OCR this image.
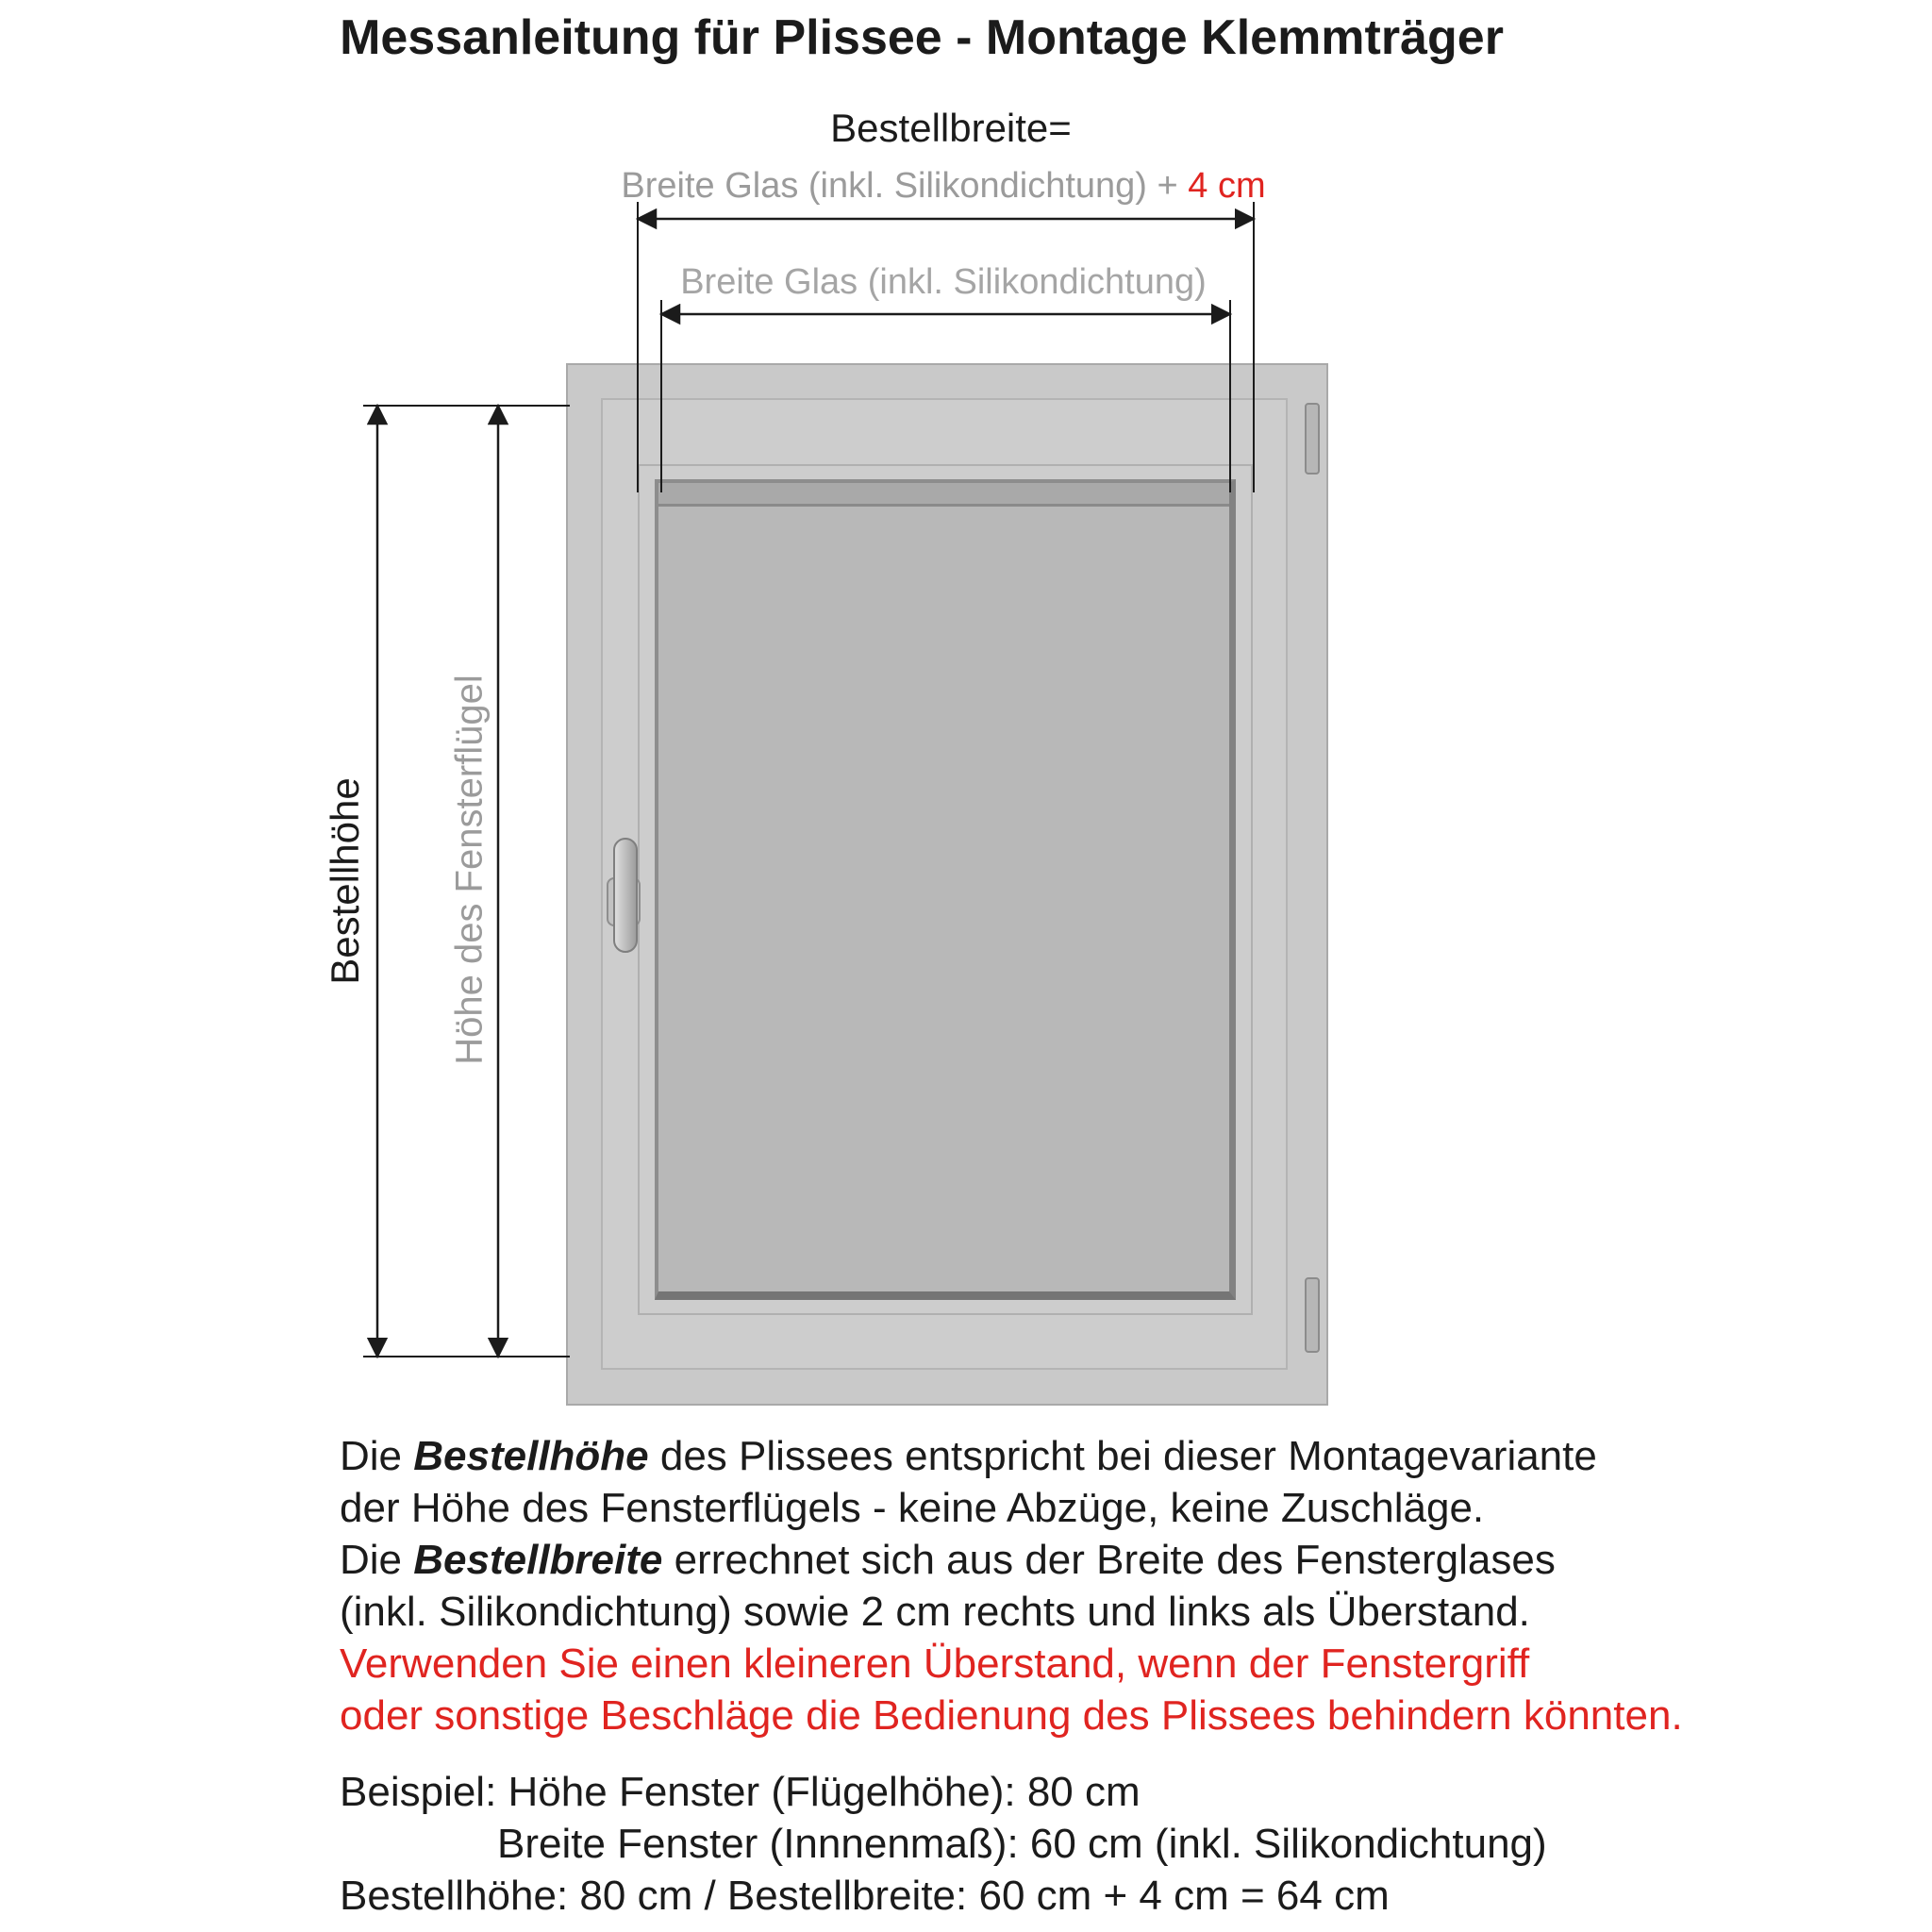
Messanleitung für Plissee - Montage Klemmträger
Bestellbreite=
Breite Glas (inkl. Silikondichtung) + 4 cm
Breite Glas (inkl. Silikondichtung)
Bestellhöhe Höhe des Fensterflügel

Die Bestellhöhe des Plissees entspricht bei dieser Montagevariante

der Höhe des Fensterflügels - keine Abzüge, keine Zuschläge.

Die Bestellbreite errechnet sich aus der Breite des Fensterglases

(inkl. Silikondichtung) sowie 2 cm rechts und links als Überstand.

Verwenden Sie einen kleineren Überstand, wenn der Fenstergriff

oder sonstige Beschläge die Bedienung des Plissees behindern könnten.

Beispiel: Höhe Fenster (Flügelhöhe): 80 cm

Breite Fenster (Innnenmaß): 60 cm (inkl. Silikondichtung)

Bestellhöhe: 80 cm / Bestellbreite: 60 cm + 4 cm = 64 cm
